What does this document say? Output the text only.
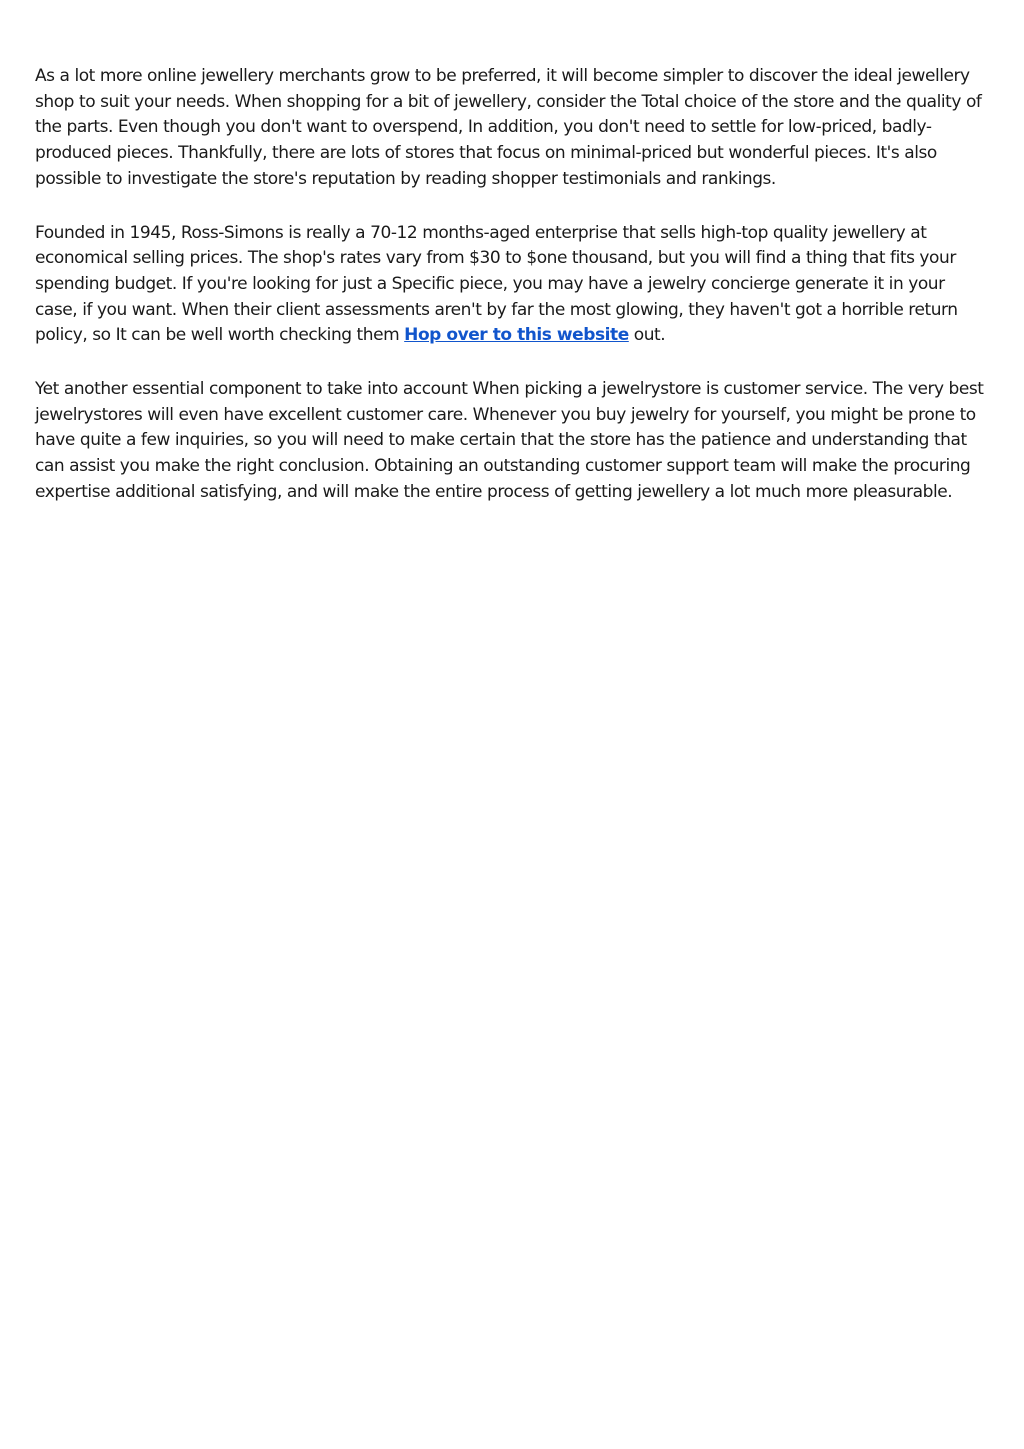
As a lot more online jewellery merchants grow to be preferred, it will become simpler to discover the ideal jewellery shop to suit your needs. When shopping for a bit of jewellery, consider the Total choice of the store and the quality of the parts. Even though you don't want to overspend, In addition, you don't need to settle for low-priced, badly-produced pieces. Thankfully, there are lots of stores that focus on minimal-priced but wonderful pieces. It's also possible to investigate the store's reputation by reading shopper testimonials and rankings.

Founded in 1945, Ross-Simons is really a 70-12 months-aged enterprise that sells high-top quality jewellery at economical selling prices. The shop's rates vary from $30 to $one thousand, but you will find a thing that fits your spending budget. If you're looking for just a Specific piece, you may have a jewelry concierge generate it in your case, if you want. When their client assessments aren't by far the most glowing, they haven't got a horrible return policy, so It can be well worth checking them Hop over to this website out.

Yet another essential component to take into account When picking a jewelrystore is customer service. The very best jewelrystores will even have excellent customer care. Whenever you buy jewelry for yourself, you might be prone to have quite a few inquiries, so you will need to make certain that the store has the patience and understanding that can assist you make the right conclusion. Obtaining an outstanding customer support team will make the procuring expertise additional satisfying, and will make the entire process of getting jewellery a lot much more pleasurable.
